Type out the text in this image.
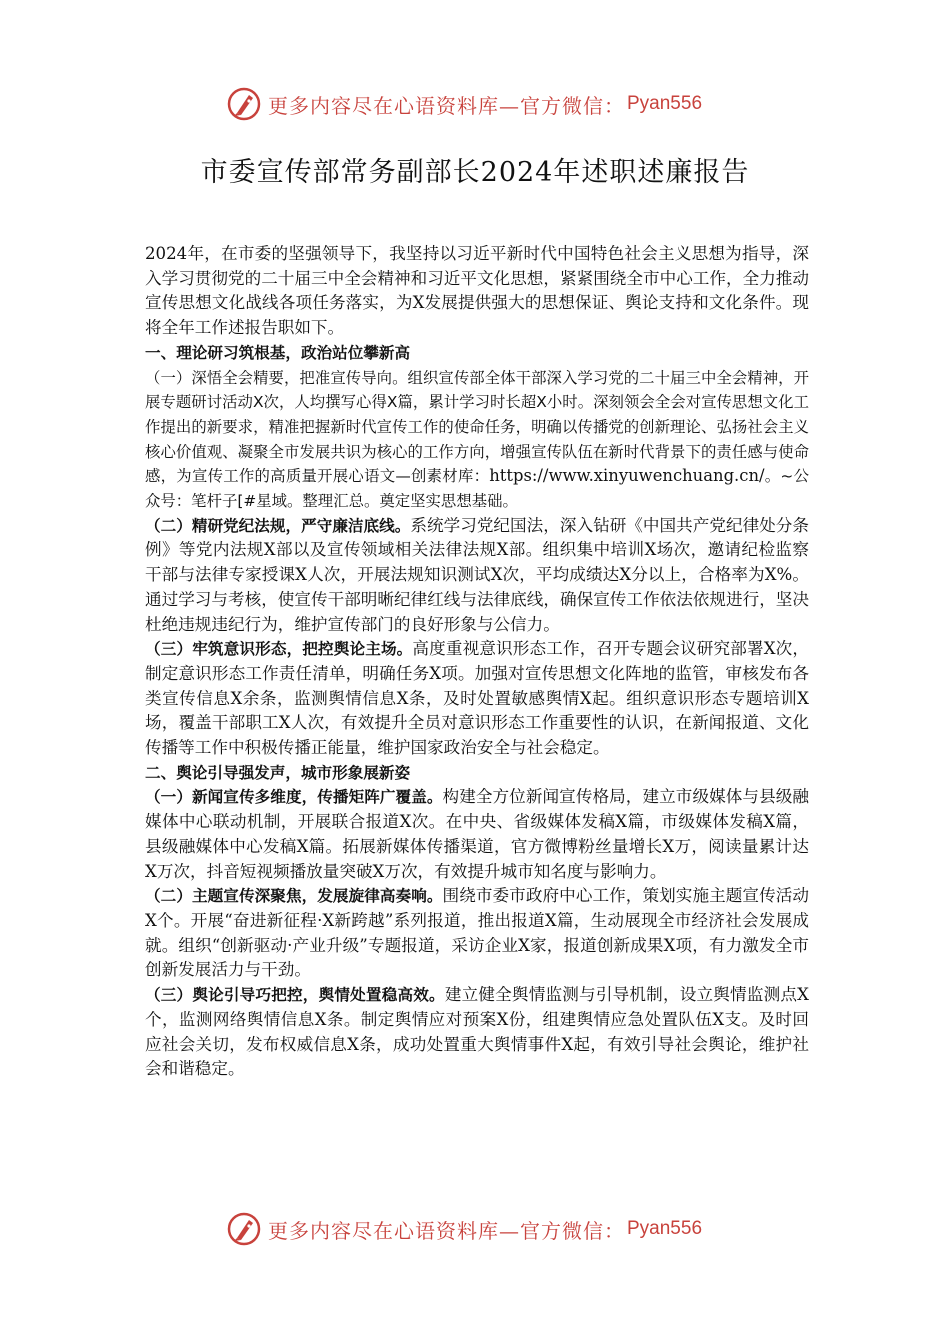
更多内容尽在心语资料库—官方微信： Pyan556
市委宣传部常务副部长2024年述职述廉报告

2024年，在市委的坚强领导下，我坚持以习近平新时代中国特色社会主义思想为指导，深入学习贯彻党的二十届三中全会精神和习近平文化思想，紧紧围绕全市中心工作，全力推动宣传思想文化战线各项任务落实，为X发展提供强大的思想保证、舆论支持和文化条件。现将全年工作述报告职如下。

一、理论研习筑根基，政治站位攀新高

（一）深悟全会精要，把准宣传导向。组织宣传部全体干部深入学习党的二十届三中全会精神，开展专题研讨活动X次，人均撰写心得X篇，累计学习时长超X小时。深刻领会全会对宣传思想文化工作提出的新要求，精准把握新时代宣传工作的使命任务，明确以传播党的创新理论、弘扬社会主义核心价值观、凝聚全市发展共识为核心的工作方向，增强宣传队伍在新时代背景下的责任感与使命感，为宣传工作的高质量开展心语文—创素材库：https://www.xinyuwenchuang.cn/。~公众号：笔杆子[#星域。整理汇总。奠定坚实思想基础。

（二）精研党纪法规，严守廉洁底线。系统学习党纪国法，深入钻研《中国共产党纪律处分条例》等党内法规X部以及宣传领域相关法律法规X部。组织集中培训X场次，邀请纪检监察干部与法律专家授课X人次，开展法规知识测试X次，平均成绩达X分以上，合格率为X%。通过学习与考核，使宣传干部明晰纪律红线与法律底线，确保宣传工作依法依规进行，坚决杜绝违规违纪行为，维护宣传部门的良好形象与公信力。

（三）牢筑意识形态，把控舆论主场。高度重视意识形态工作，召开专题会议研究部署X次，制定意识形态工作责任清单，明确任务X项。加强对宣传思想文化阵地的监管，审核发布各类宣传信息X余条，监测舆情信息X条，及时处置敏感舆情X起。组织意识形态专题培训X场，覆盖干部职工X人次，有效提升全员对意识形态工作重要性的认识，在新闻报道、文化传播等工作中积极传播正能量，维护国家政治安全与社会稳定。

二、舆论引导强发声，城市形象展新姿

（一）新闻宣传多维度，传播矩阵广覆盖。构建全方位新闻宣传格局，建立市级媒体与县级融媒体中心联动机制，开展联合报道X次。在中央、省级媒体发稿X篇，市级媒体发稿X篇，县级融媒体中心发稿X篇。拓展新媒体传播渠道，官方微博粉丝量增长X万，阅读量累计达X万次，抖音短视频播放量突破X万次，有效提升城市知名度与影响力。

（二）主题宣传深聚焦，发展旋律高奏响。围绕市委市政府中心工作，策划实施主题宣传活动X个。开展“奋进新征程·X新跨越”系列报道，推出报道X篇，生动展现全市经济社会发展成就。组织“创新驱动·产业升级”专题报道，采访企业X家，报道创新成果X项，有力激发全市创新发展活力与干劲。

（三）舆论引导巧把控，舆情处置稳高效。建立健全舆情监测与引导机制，设立舆情监测点X个，监测网络舆情信息X条。制定舆情应对预案X份，组建舆情应急处置队伍X支。及时回应社会关切，发布权威信息X条，成功处置重大舆情事件X起，有效引导社会舆论，维护社会和谐稳定。

更多内容尽在心语资料库—官方微信： Pyan556
